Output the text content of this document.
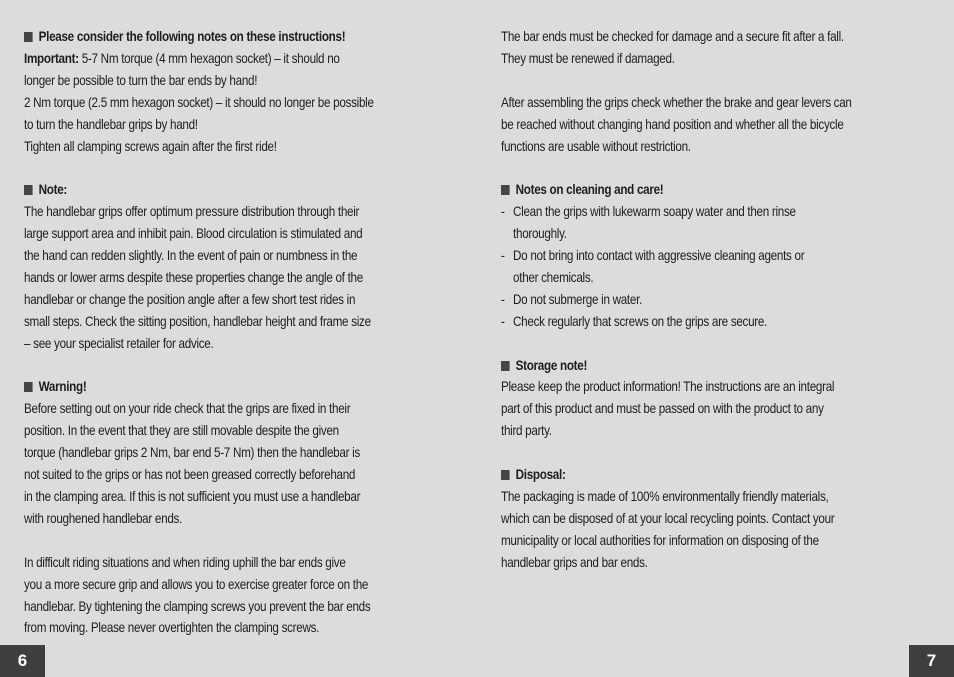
Please consider the following notes on these instructions!
Important: 5-7 Nm torque (4 mm hexagon socket) – it should no
longer be possible to turn the bar ends by hand!
2 Nm torque (2.5 mm hexagon socket) – it should no longer be possible
to turn the handlebar grips by hand!
Tighten all clamping screws again after the first ride!
Note:
The handlebar grips offer optimum pressure distribution through their
large support area and inhibit pain. Blood circulation is stimulated and
the hand can redden slightly. In the event of pain or numbness in the
hands or lower arms despite these properties change the angle of the
handlebar or change the position angle after a few short test rides in
small steps. Check the sitting position, handlebar height and frame size
– see your specialist retailer for advice.
Warning!
Before setting out on your ride check that the grips are fixed in their
position. In the event that they are still movable despite the given
torque (handlebar grips 2 Nm, bar end 5-7 Nm) then the handlebar is
not suited to the grips or has not been greased correctly beforehand
in the clamping area. If this is not sufficient you must use a handlebar
with roughened handlebar ends.
In difficult riding situations and when riding uphill the bar ends give
you a more secure grip and allows you to exercise greater force on the
handlebar. By tightening the clamping screws you prevent the bar ends
from moving. Please never overtighten the clamping screws.
The bar ends must be checked for damage and a secure fit after a fall.
They must be renewed if damaged.
After assembling the grips check whether the brake and gear levers can
be reached without changing hand position and whether all the bicycle
functions are usable without restriction.
Notes on cleaning and care!
- Clean the grips with lukewarm soapy water and then rinse
thoroughly.
- Do not bring into contact with aggressive cleaning agents or
other chemicals.
- Do not submerge in water.
- Check regularly that screws on the grips are secure.
Storage note!
Please keep the product information! The instructions are an integral
part of this product and must be passed on with the product to any
third party.
Disposal:
The packaging is made of 100% environmentally friendly materials,
which can be disposed of at your local recycling points. Contact your
municipality or local authorities for information on disposing of the
handlebar grips and bar ends.
6	7
